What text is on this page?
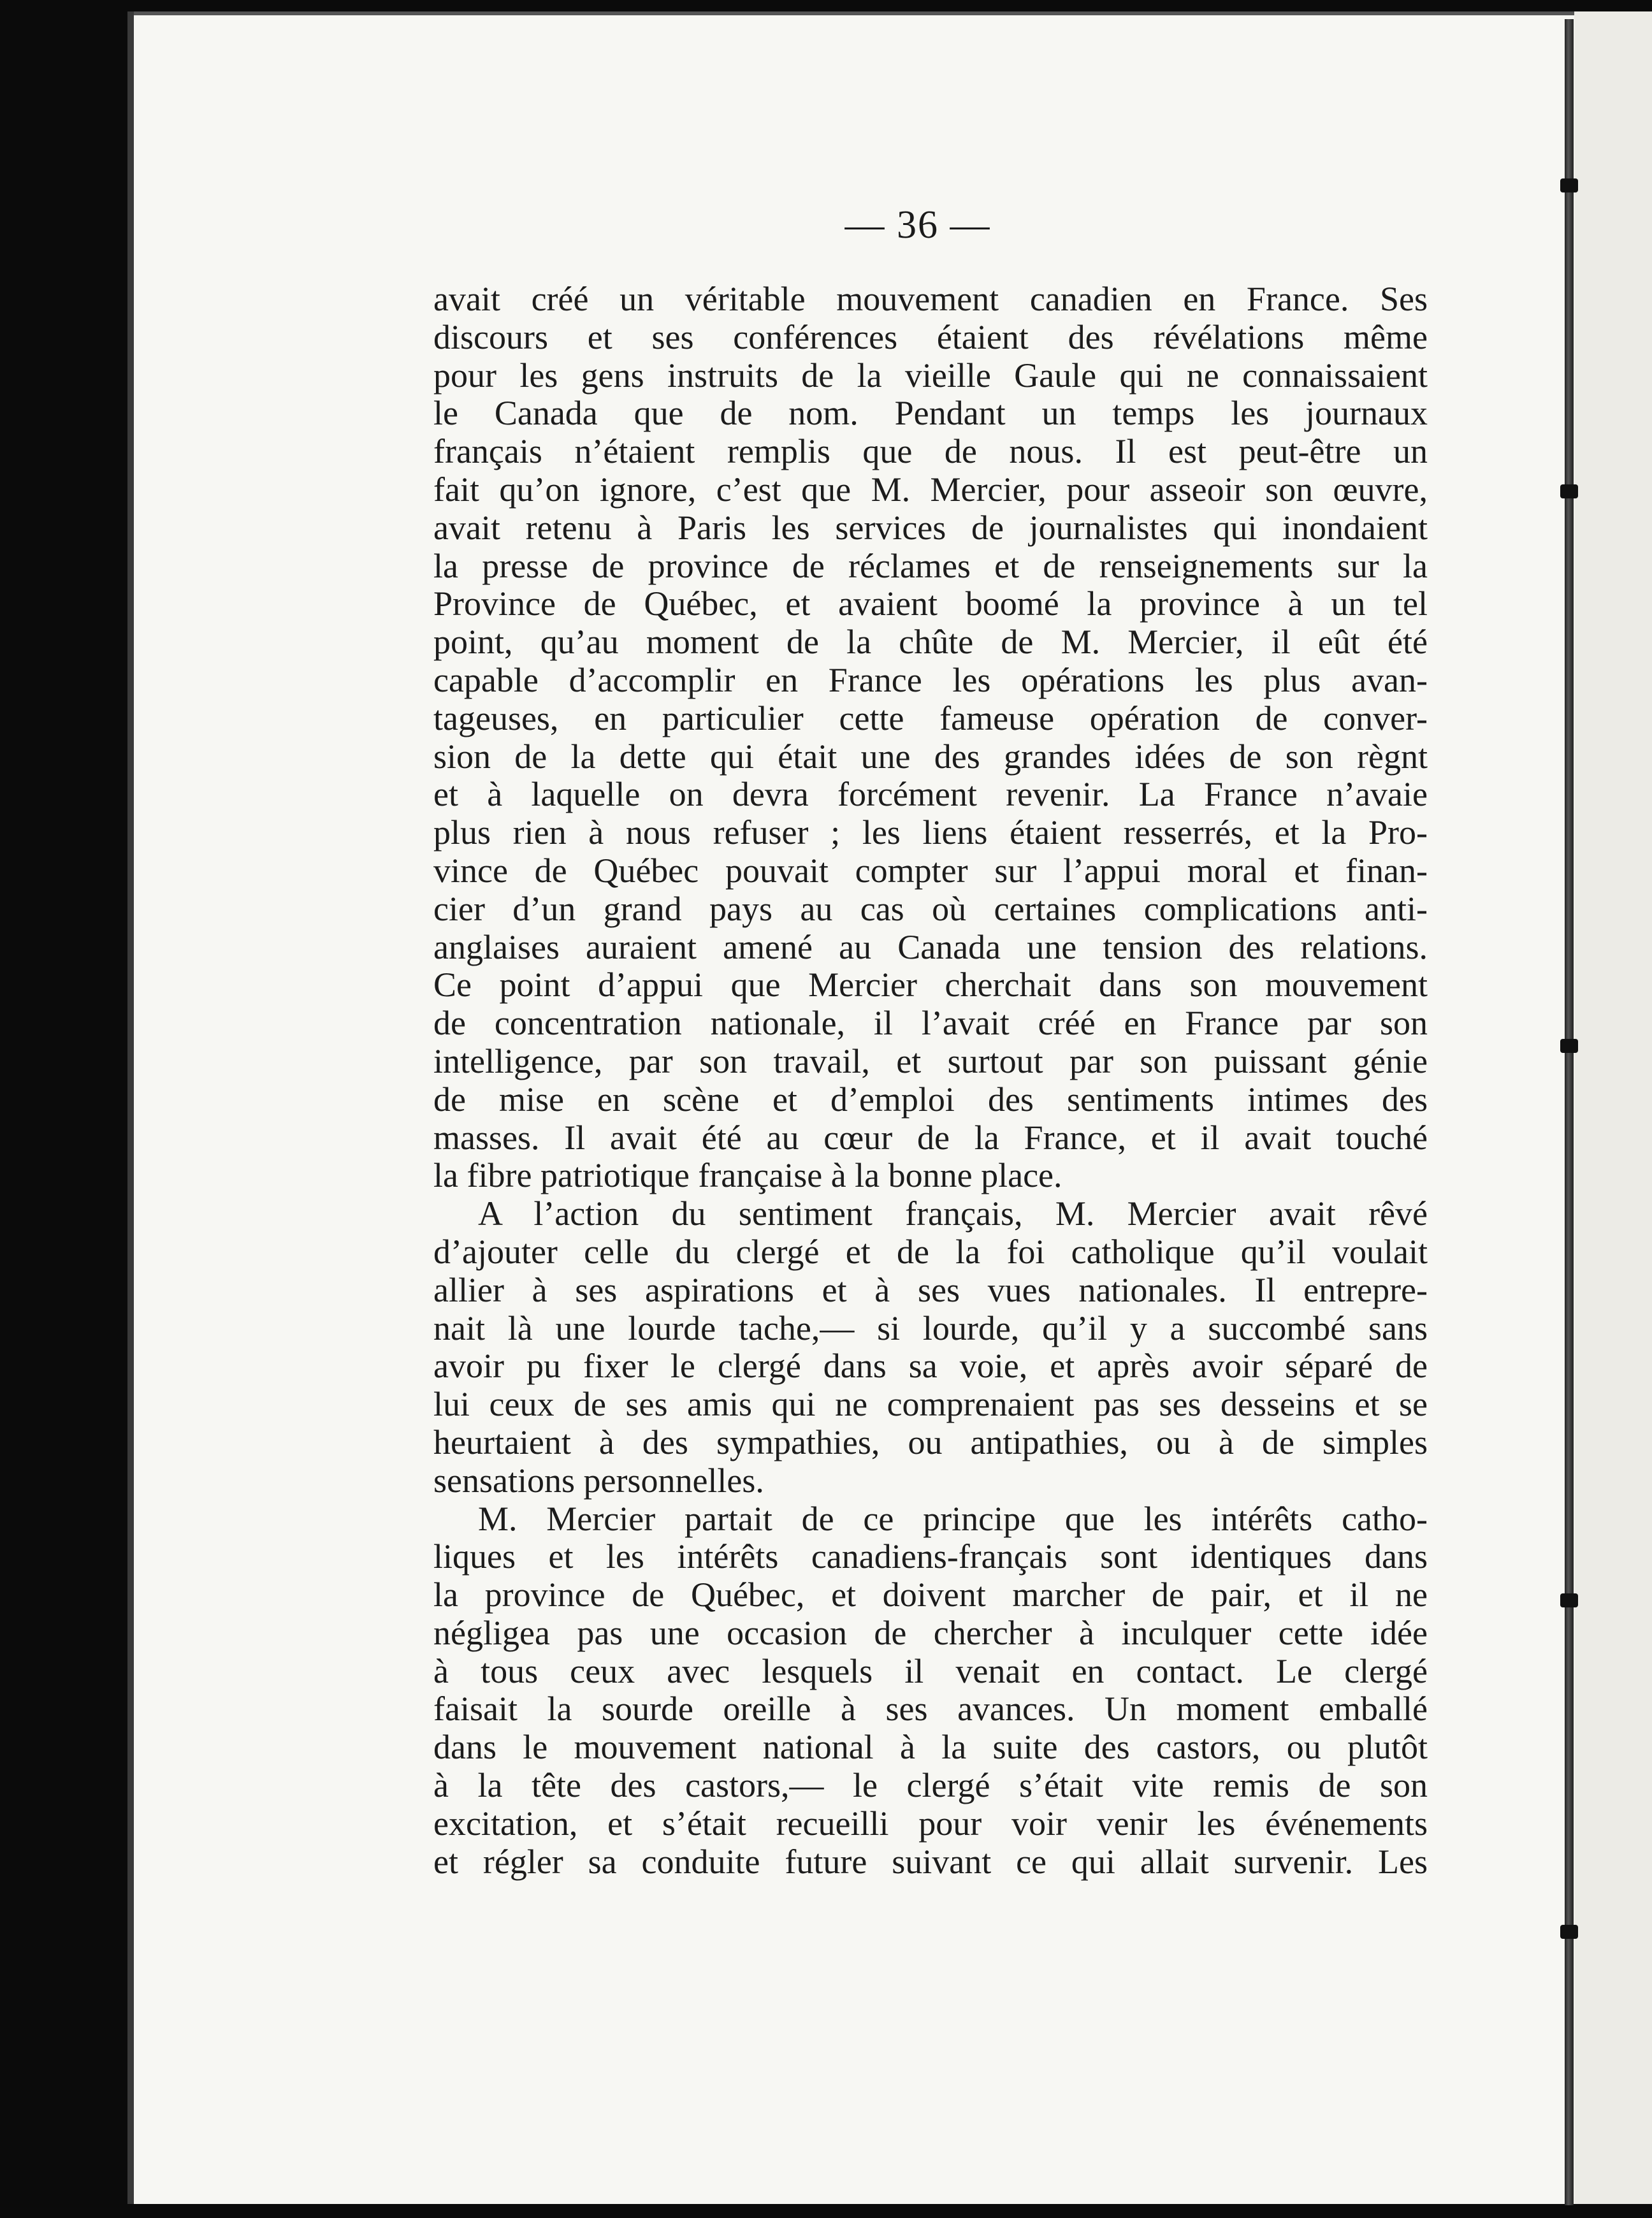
— 36 —
avait créé un véritable mouvement canadien en France. Ses
discours et ses conférences étaient des révélations même
pour les gens instruits de la vieille Gaule qui ne connaissaient
le Canada que de nom. Pendant un temps les journaux
français n’étaient remplis que de nous. Il est peut-être un
fait qu’on ignore, c’est que M. Mercier, pour asseoir son œuvre,
avait retenu à Paris les services de journalistes qui inondaient
la presse de province de réclames et de renseignements sur la
Province de Québec, et avaient boomé la province à un tel
point, qu’au moment de la chûte de M. Mercier, il eût été
capable d’accomplir en France les opérations les plus avan-
tageuses, en particulier cette fameuse opération de conver-
sion de la dette qui était une des grandes idées de son règnt
et à laquelle on devra forcément revenir. La France n’avaie
plus rien à nous refuser ; les liens étaient resserrés, et la Pro-
vince de Québec pouvait compter sur l’appui moral et finan-
cier d’un grand pays au cas où certaines complications anti-
anglaises auraient amené au Canada une tension des relations.
Ce point d’appui que Mercier cherchait dans son mouvement
de concentration nationale, il l’avait créé en France par son
intelligence, par son travail, et surtout par son puissant génie
de mise en scène et d’emploi des sentiments intimes des
masses. Il avait été au cœur de la France, et il avait touché
la fibre patriotique française à la bonne place.
A l’action du sentiment français, M. Mercier avait rêvé
d’ajouter celle du clergé et de la foi catholique qu’il voulait
allier à ses aspirations et à ses vues nationales. Il entrepre-
nait là une lourde tache,— si lourde, qu’il y a succombé sans
avoir pu fixer le clergé dans sa voie, et après avoir séparé de
lui ceux de ses amis qui ne comprenaient pas ses desseins et se
heurtaient à des sympathies, ou antipathies, ou à de simples
sensations personnelles.
M. Mercier partait de ce principe que les intérêts catho-
liques et les intérêts canadiens-français sont identiques dans
la province de Québec, et doivent marcher de pair, et il ne
négligea pas une occasion de chercher à inculquer cette idée
à tous ceux avec lesquels il venait en contact. Le clergé
faisait la sourde oreille à ses avances. Un moment emballé
dans le mouvement national à la suite des castors, ou plutôt
à la tête des castors,— le clergé s’était vite remis de son
excitation, et s’était recueilli pour voir venir les événements
et régler sa conduite future suivant ce qui allait survenir. Les
